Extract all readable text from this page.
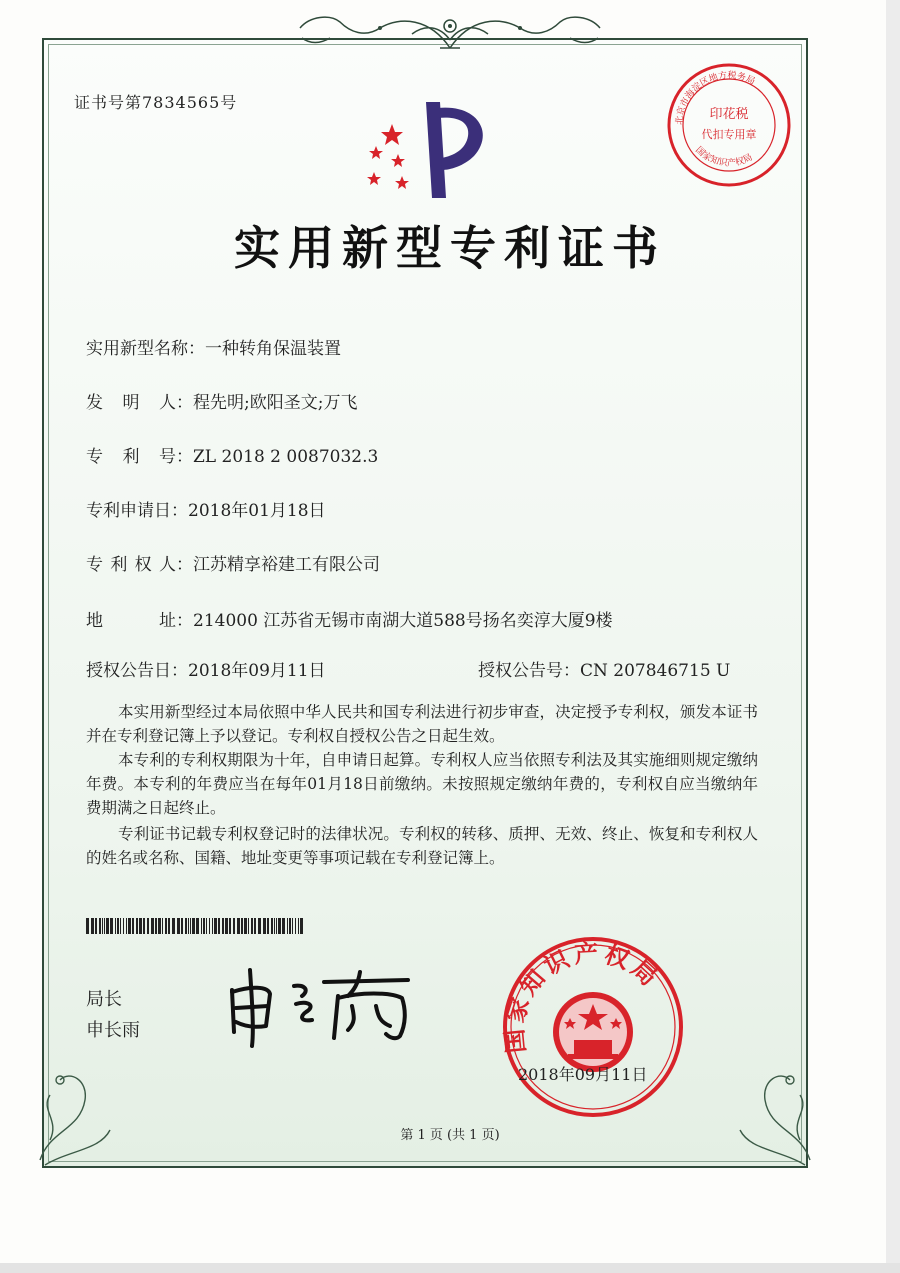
证书号第7834565号
印花税
代扣专用章
北京市海淀区地方税务局
国家知识产权局
实用新型专利证书
实用新型名称：一种转角保温装置
发明人：程先明;欧阳圣文;万飞
专利号：ZL 2018 2 0087032.3
专利申请日：2018年01月18日
专利权人：江苏精享裕建工有限公司
地址：214000 江苏省无锡市南湖大道588号扬名奕淳大厦9楼
授权公告日：2018年09月11日	授权公告号：CN 207846715 U
本实用新型经过本局依照中华人民共和国专利法进行初步审查，决定授予专利权，颁发本证书并在专利登记簿上予以登记。专利权自授权公告之日起生效。
本专利的专利权期限为十年，自申请日起算。专利权人应当依照专利法及其实施细则规定缴纳年费。本专利的年费应当在每年01月18日前缴纳。未按照规定缴纳年费的，专利权自应当缴纳年费期满之日起终止。
专利证书记载专利权登记时的法律状况。专利权的转移、质押、无效、终止、恢复和专利权人的姓名或名称、国籍、地址变更等事项记载在专利登记簿上。
局长
申长雨	国家知识产权局
2018年09月11日
第 1 页 (共 1 页)
